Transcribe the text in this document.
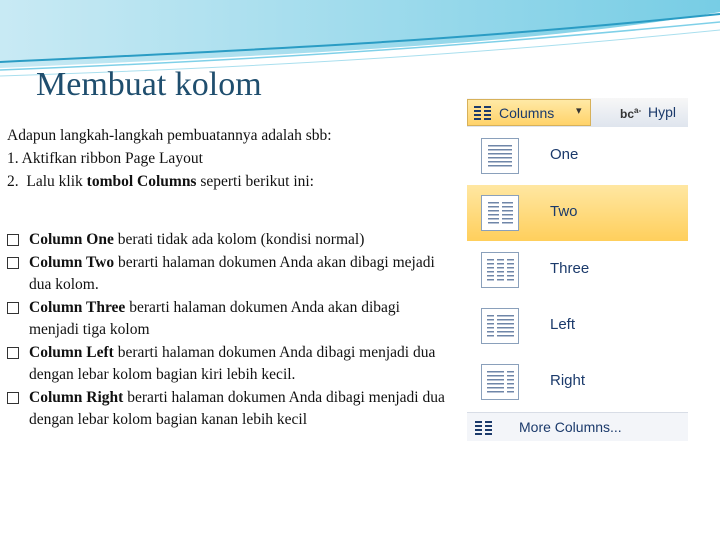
Membuat kolom
Adapun langkah-langkah pembuatannya adalah sbb:
1. Aktifkan ribbon Page Layout
2.  Lalu klik tombol Columns seperti berikut ini:
Column One berati tidak ada kolom (kondisi normal)
Column Two berarti halaman dokumen Anda akan dibagi mejadi dua kolom.
Column Three berarti halaman dokumen Anda akan dibagi menjadi tiga kolom
Column Left berarti halaman dokumen Anda dibagi menjadi dua dengan lebar kolom bagian kiri lebih kecil.
Column Right berarti halaman dokumen Anda dibagi menjadi dua dengan lebar kolom bagian kanan lebih kecil
Columns ▾	$bc^{a-}$ Hypl
One
Two
Three
Left
Right
More Columns...
